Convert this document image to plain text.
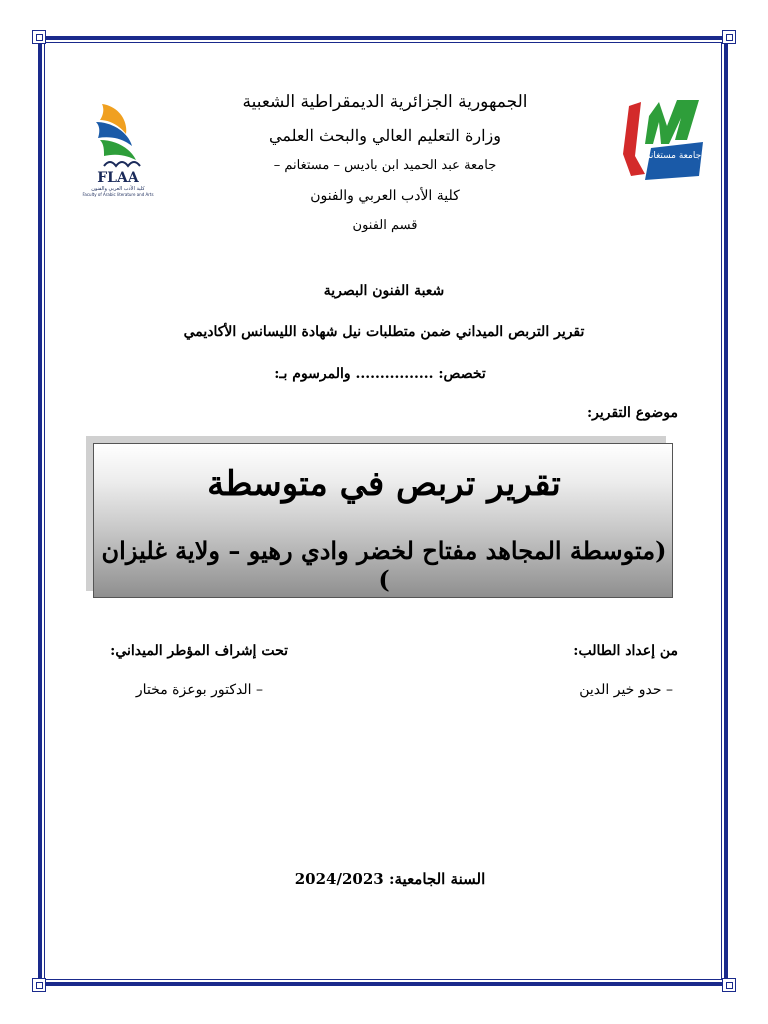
جامعة مستغانم
FLAA
كلية الأدب العربي والفنون
Faculty of Arabic literature and Arts
الجمهورية الجزائرية الديمقراطية الشعبية
وزارة التعليم العالي والبحث العلمي
جامعة عبد الحميد ابن باديس – مستغانم –
كلية الأدب العربي والفنون
قسم الفنون
شعبة الفنون البصرية
تقرير التربص الميداني ضمن متطلبات نيل شهادة الليسانس الأكاديمي
تخصص: ................ والمرسوم بـ:
موضوع التقرير:
تقرير تربص في متوسطة
(متوسطة المجاهد مفتاح لخضر وادي رهيو – ولاية غليزان )
من إعداد الطالب:
– حدو خير الدين
تحت إشراف المؤطر الميداني:
– الدكتور بوعزة مختار
السنة الجامعية: 2024/2023
